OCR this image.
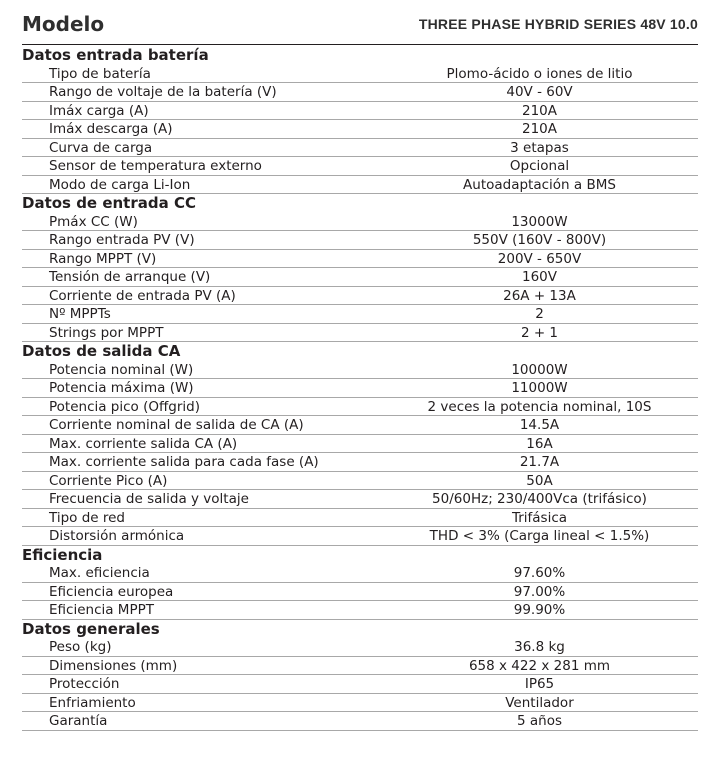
Modelo	THREE PHASE HYBRID SERIES 48V 10.0
Datos entrada batería
Tipo de batería	Plomo-ácido o iones de litio
Rango de voltaje de la batería (V)	40V - 60V
Imáx carga (A)	210A
Imáx descarga (A)	210A
Curva de carga	3 etapas
Sensor de temperatura externo	Opcional
Modo de carga Li-Ion	Autoadaptación a BMS
Datos de entrada CC
Pmáx CC (W)	13000W
Rango entrada PV (V)	550V (160V - 800V)
Rango MPPT (V)	200V - 650V
Tensión de arranque (V)	160V
Corriente de entrada PV (A)	26A + 13A
Nº MPPTs	2
Strings por MPPT	2 + 1
Datos de salida CA
Potencia nominal (W)	10000W
Potencia máxima (W)	11000W
Potencia pico (Offgrid)	2 veces la potencia nominal, 10S
Corriente nominal de salida de CA (A)	14.5A
Max. corriente salida CA (A)	16A
Max. corriente salida para cada fase (A)	21.7A
Corriente Pico (A)	50A
Frecuencia de salida y voltaje	50/60Hz; 230/400Vca (trifásico)
Tipo de red	Trifásica
Distorsión armónica	THD < 3% (Carga lineal < 1.5%)
Eficiencia
Max. eficiencia	97.60%
Eficiencia europea	97.00%
Eficiencia MPPT	99.90%
Datos generales
Peso (kg)	36.8 kg
Dimensiones (mm)	658 x 422 x 281 mm
Protección	IP65
Enfriamiento	Ventilador
Garantía	5 años
